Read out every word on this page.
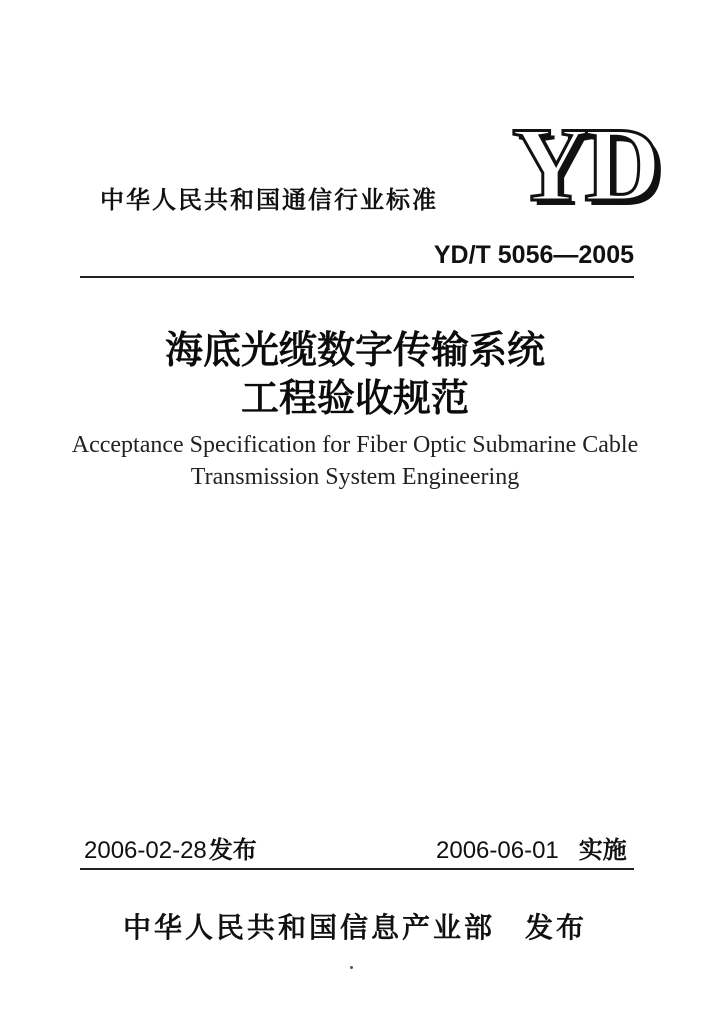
YD
中华人民共和国通信行业标准
YD/T 5056—2005
海底光缆数字传输系统
工程验收规范
Acceptance Specification for Fiber Optic Submarine Cable
Transmission System Engineering
2006-02-28发布	2006-06-01 实施
中华人民共和国信息产业部 发布
